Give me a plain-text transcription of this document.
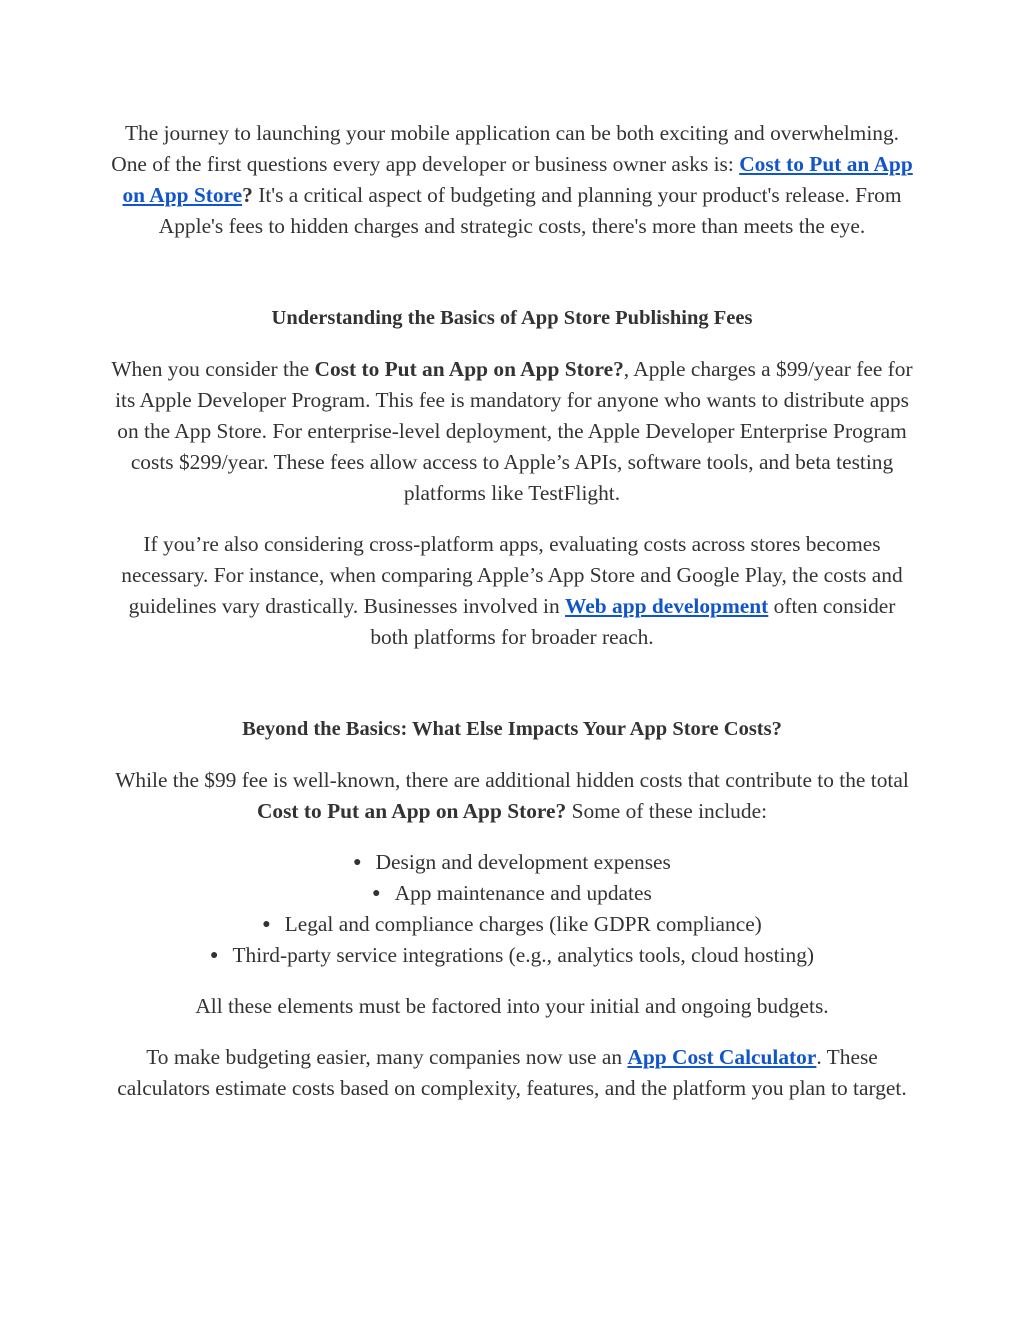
The journey to launching your mobile application can be both exciting and overwhelming. One of the first questions every app developer or business owner asks is: Cost to Put an App on App Store? It's a critical aspect of budgeting and planning your product's release. From Apple's fees to hidden charges and strategic costs, there's more than meets the eye.

Understanding the Basics of App Store Publishing Fees

When you consider the Cost to Put an App on App Store?, Apple charges a $99/year fee for its Apple Developer Program. This fee is mandatory for anyone who wants to distribute apps on the App Store. For enterprise-level deployment, the Apple Developer Enterprise Program costs $299/year. These fees allow access to Apple’s APIs, software tools, and beta testing platforms like TestFlight.

If you’re also considering cross-platform apps, evaluating costs across stores becomes necessary. For instance, when comparing Apple’s App Store and Google Play, the costs and guidelines vary drastically. Businesses involved in Web app development often consider both platforms for broader reach.

Beyond the Basics: What Else Impacts Your App Store Costs?

While the $99 fee is well-known, there are additional hidden costs that contribute to the total Cost to Put an App on App Store? Some of these include:

● Design and development expenses
● App maintenance and updates
● Legal and compliance charges (like GDPR compliance)
● Third-party service integrations (e.g., analytics tools, cloud hosting)

All these elements must be factored into your initial and ongoing budgets.

To make budgeting easier, many companies now use an App Cost Calculator. These calculators estimate costs based on complexity, features, and the platform you plan to target.
